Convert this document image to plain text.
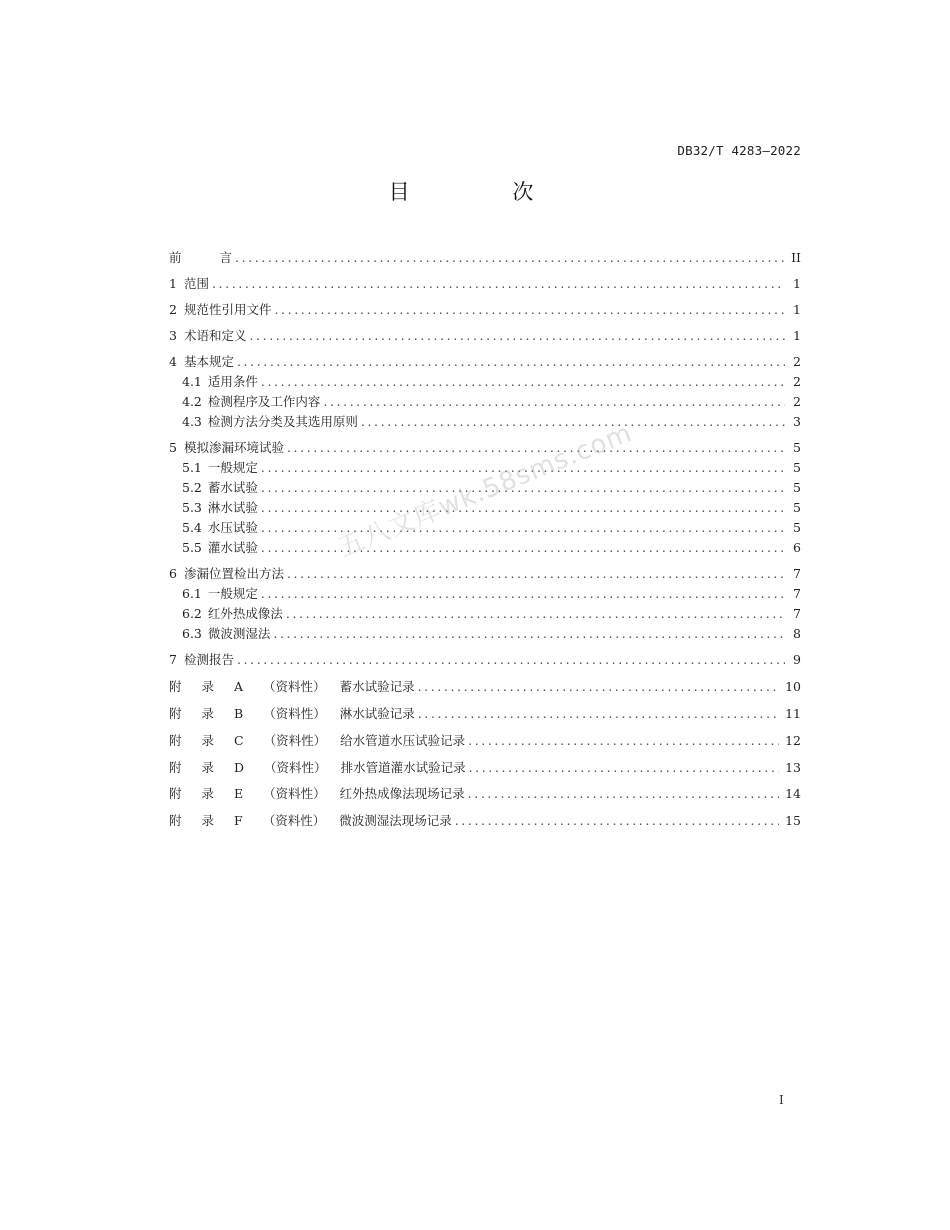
DB32/T 4283—2022
目 次
前 言 .....	II
1 范围 .....	1
2 规范性引用文件 .....	1
3 术语和定义 .....	1
4 基本规定 .....	2
4.1 适用条件 .....	2
4.2 检测程序及工作内容 .....	2
4.3 检测方法分类及其选用原则 .....	3
5 模拟渗漏环境试验 .....	5
5.1 一般规定 .....	5
5.2 蓄水试验 .....	5
5.3 淋水试验 .....	5
5.4 水压试验 .....	5
5.5 灌水试验 .....	6
6 渗漏位置检出方法 .....	7
6.1 一般规定 .....	7
6.2 红外热成像法 .....	7
6.3 微波测湿法 .....	8
7 检测报告 .....	9
附录 A （资料性） 蓄水试验记录 .....	10
附录 B （资料性） 淋水试验记录 .....	11
附录 C （资料性） 给水管道水压试验记录 .....	12
附录 D （资料性） 排水管道灌水试验记录 .....	13
附录 E （资料性） 红外热成像法现场记录 .....	14
附录 F （资料性） 微波测湿法现场记录 .....	15
五八文库wk.58sms.com
I
